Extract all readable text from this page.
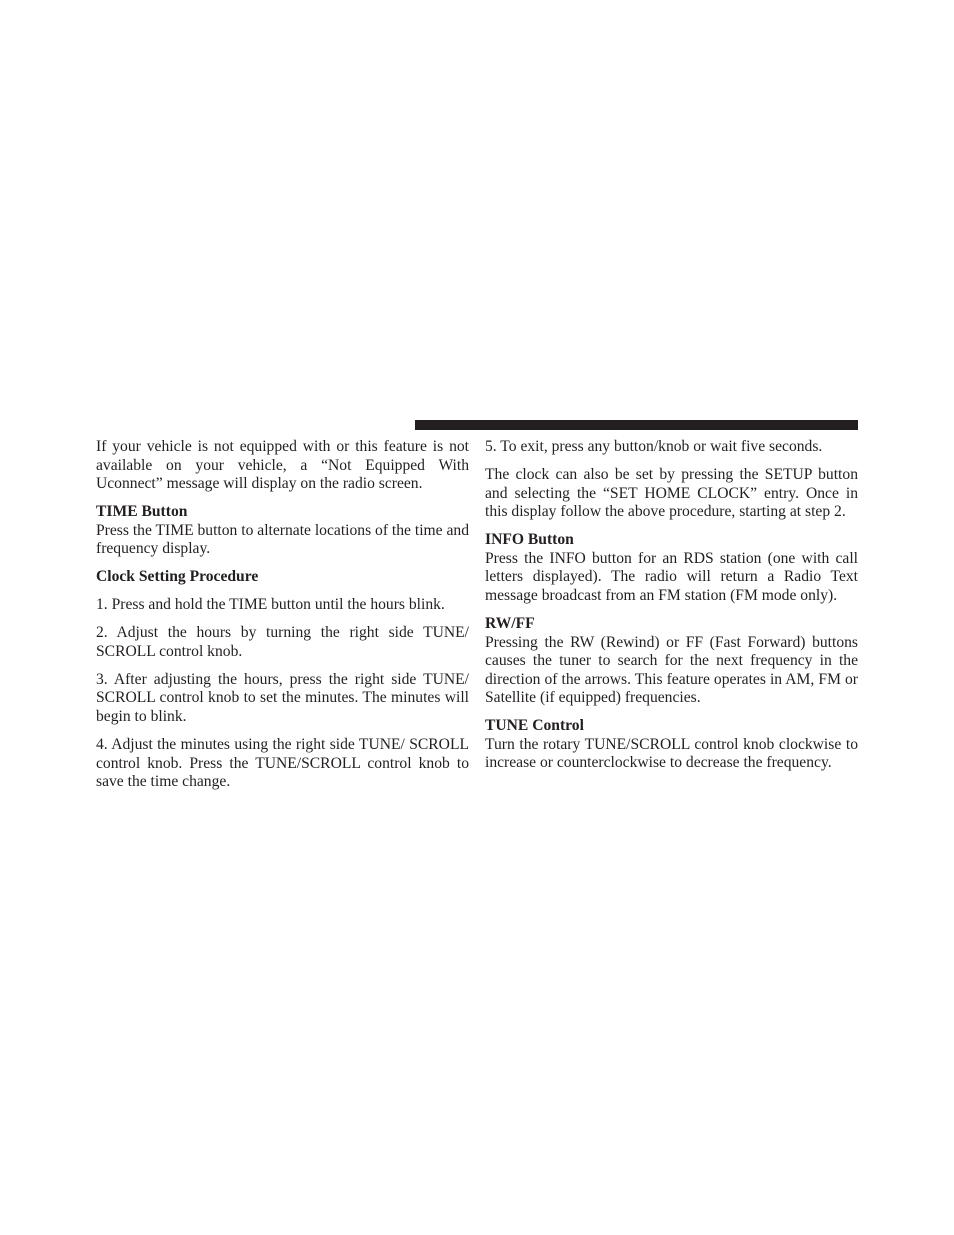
If your vehicle is not equipped with or this feature is not available on your vehicle, a “Not Equipped With Uconnect” message will display on the radio screen.

TIME Button

Press the TIME button to alternate locations of the time and frequency display.

Clock Setting Procedure

1. Press and hold the TIME button until the hours blink.

2. Adjust the hours by turning the right side TUNE/ SCROLL control knob.

3. After adjusting the hours, press the right side TUNE/ SCROLL control knob to set the minutes. The minutes will begin to blink.

4. Adjust the minutes using the right side TUNE/ SCROLL control knob. Press the TUNE/SCROLL control knob to save the time change.

5. To exit, press any button/knob or wait five seconds.

The clock can also be set by pressing the SETUP button and selecting the “SET HOME CLOCK” entry. Once in this display follow the above procedure, starting at step 2.

INFO Button

Press the INFO button for an RDS station (one with call letters displayed). The radio will return a Radio Text message broadcast from an FM station (FM mode only).

RW/FF

Pressing the RW (Rewind) or FF (Fast Forward) buttons causes the tuner to search for the next frequency in the direction of the arrows. This feature operates in AM, FM or Satellite (if equipped) frequencies.

TUNE Control

Turn the rotary TUNE/SCROLL control knob clockwise to increase or counterclockwise to decrease the frequency.
